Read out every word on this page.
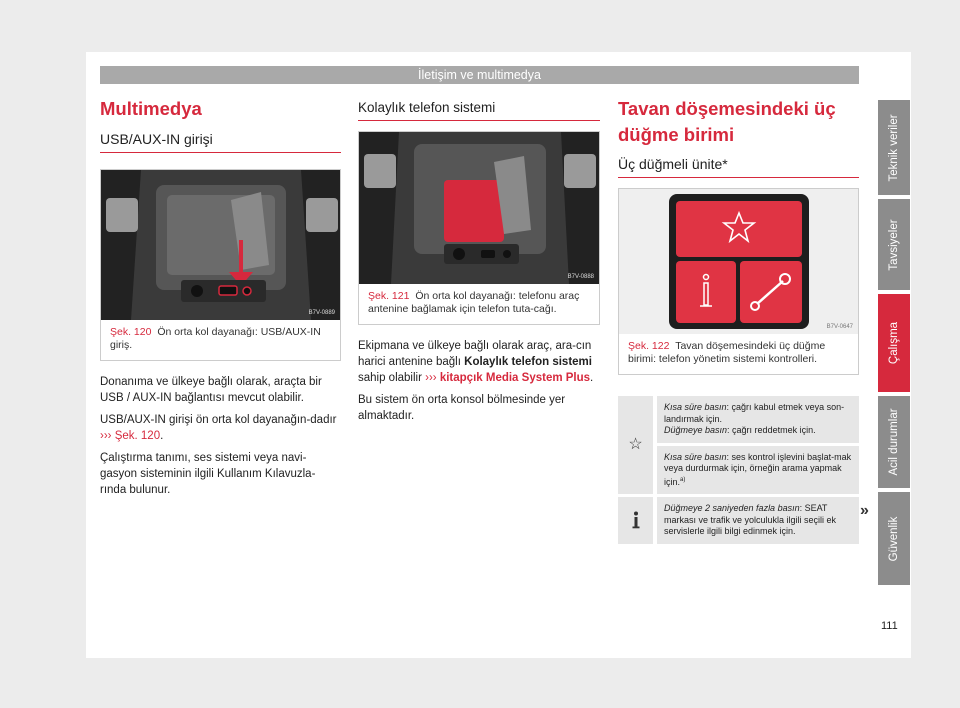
İletişim ve multimedya
Multimedya
USB/AUX-IN girişi
B7V-0889
Şek. 120 Ön orta kol dayanağı: USB/AUX-IN giriş.

Donanıma ve ülkeye bağlı olarak, araçta bir USB / AUX-IN bağlantısı mevcut olabilir.

USB/AUX-IN girişi ön orta kol dayanağın-dadır ››› Şek. 120.

Çalıştırma tanımı, ses sistemi veya navi-gasyon sisteminin ilgili Kullanım Kılavuzla-rında bulunur.

Kolaylık telefon sistemi
B7V-0888
Şek. 121 Ön orta kol dayanağı: telefonu araç antenine bağlamak için telefon tuta-cağı.

Ekipmana ve ülkeye bağlı olarak araç, ara-cın harici antenine bağlı Kolaylık telefon sistemi sahip olabilir ››› kitapçık Media System Plus.

Bu sistem ön orta konsol bölmesinde yer almaktadır.

Tavan döşemesindeki üç düğme birimi
Üç düğmeli ünite*
B7V-0647
Şek. 122 Tavan döşemesindeki üç düğme birimi: telefon yönetim sistemi kontrolleri.
☆
Kısa süre basın: çağrı kabul etmek veya son-landırmak için.
Düğmeye basın: çağrı reddetmek için.
Kısa süre basın: ses kontrol işlevini başlat-mak veya durdurmak için, örneğin arama yapmak için.$^{a)}$
Düğmeye 2 saniyeden fazla basın: SEAT markası ve trafik ve yolculukla ilgili seçili ek servislerle ilgili bilgi edinmek için.
»
Teknik veriler
Tavsiyeler
Çalışma
Acil durumlar
Güvenlik
111
